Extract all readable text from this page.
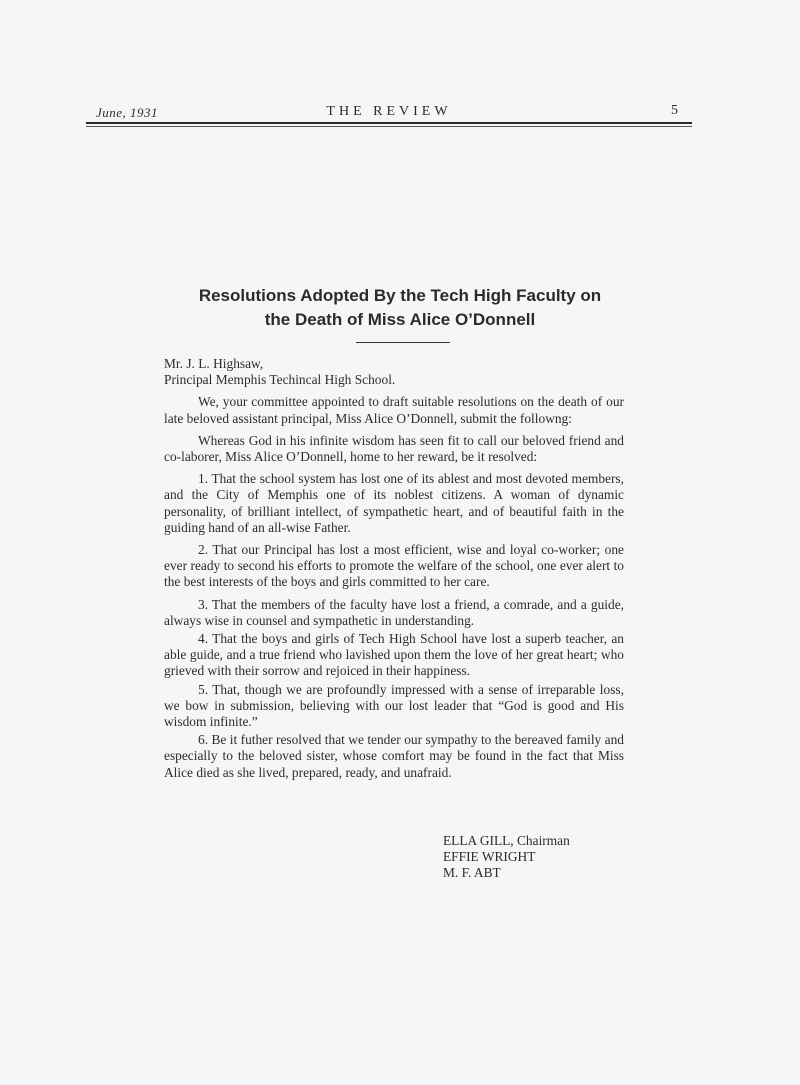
June, 1931	THE REVIEW	5
Resolutions Adopted By the Tech High Faculty on
the Death of Miss Alice O’Donnell

Mr. J. L. Highsaw,

Principal Memphis Techincal High School.

We, your committee appointed to draft suitable resolutions on the death of our late beloved assistant principal, Miss Alice O’Donnell, submit the followng:

Whereas God in his infinite wisdom has seen fit to call our beloved friend and co-laborer, Miss Alice O’Donnell, home to her reward, be it resolved:

1. That the school system has lost one of its ablest and most devoted members, and the City of Memphis one of its noblest citizens. A woman of dynamic personality, of brilliant intellect, of sympathetic heart, and of beautiful faith in the guiding hand of an all-wise Father.

2. That our Principal has lost a most efficient, wise and loyal co-worker; one ever ready to second his efforts to promote the welfare of the school, one ever alert to the best interests of the boys and girls committed to her care.

3. That the members of the faculty have lost a friend, a comrade, and a guide, always wise in counsel and sympathetic in understanding.

4. That the boys and girls of Tech High School have lost a superb teacher, an able guide, and a true friend who lavished upon them the love of her great heart; who grieved with their sorrow and rejoiced in their happiness.

5. That, though we are profoundly impressed with a sense of irreparable loss, we bow in submission, believing with our lost leader that “God is good and His wisdom infinite.”

6. Be it futher resolved that we tender our sympathy to the bereaved family and especially to the beloved sister, whose comfort may be found in the fact that Miss Alice died as she lived, prepared, ready, and unafraid.

ELLA GILL, Chairman
EFFIE WRIGHT
M. F. ABT
